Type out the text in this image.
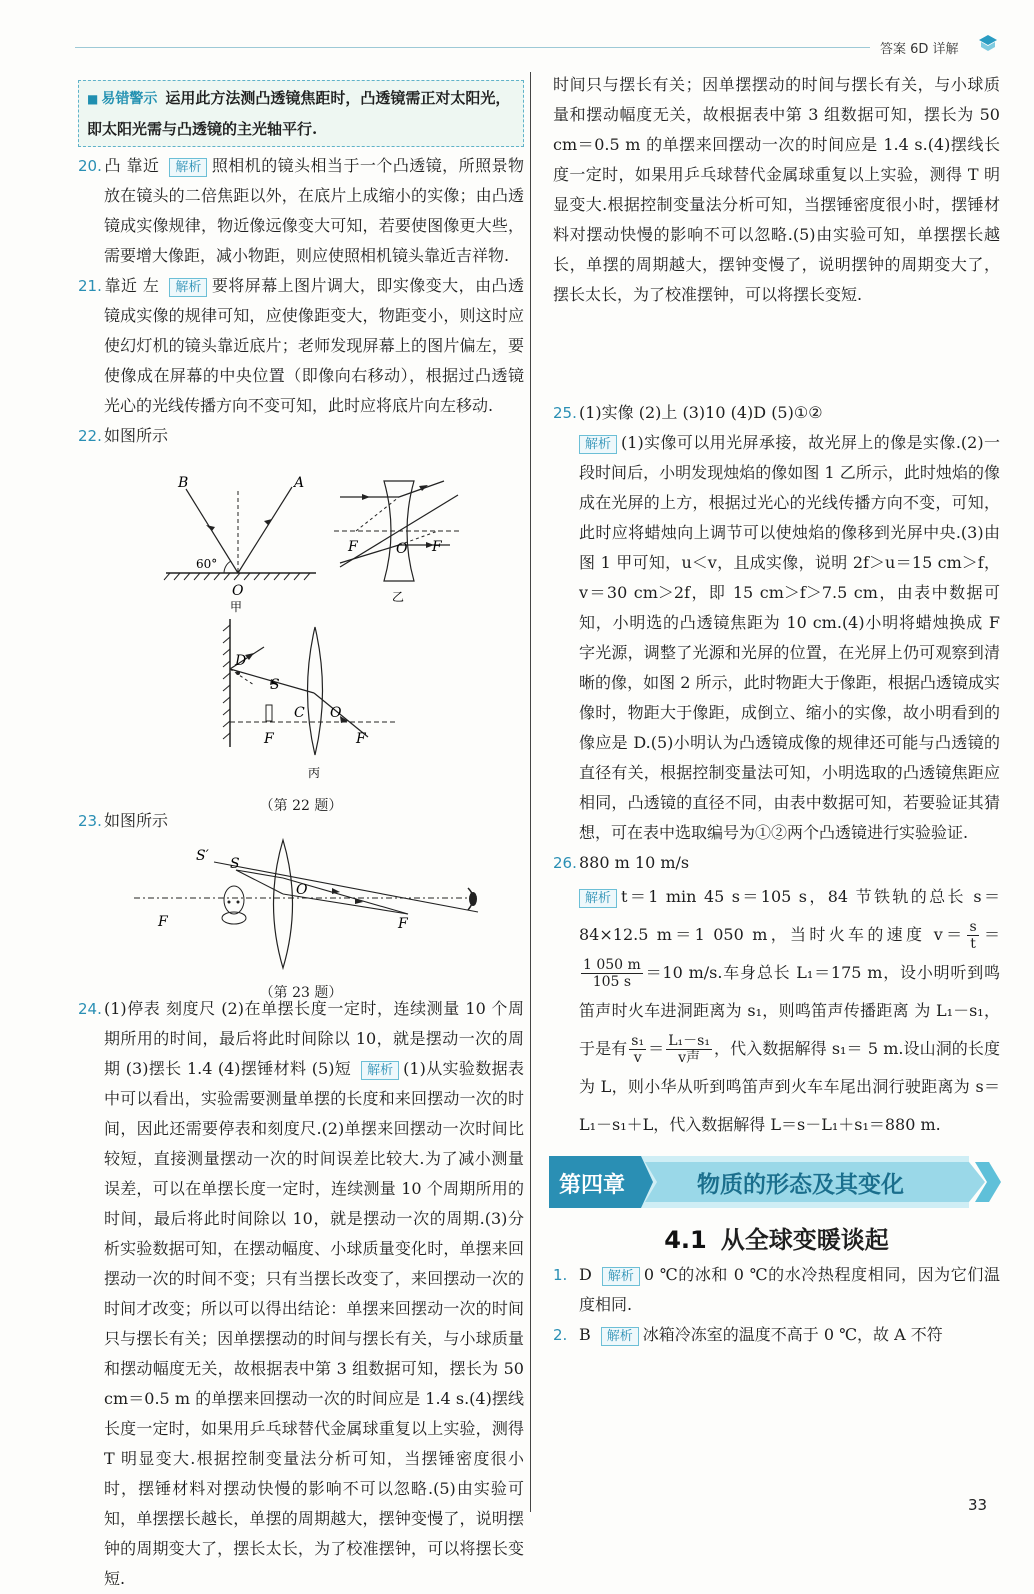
答案 6D 详解
■ 易错警示 运用此方法测凸透镜焦距时，凸透镜需正对太阳光，即太阳光需与凸透镜的主光轴平行.

20. 凸 靠近 解析 照相机的镜头相当于一个凸透镜，所照景物放在镜头的二倍焦距以外，在底片上成缩小的实像；由凸透镜成实像规律，物近像远像变大可知，若要使图像更大些，需要增大像距，减小物距，则应使照相机镜头靠近吉祥物.

21. 靠近 左 解析 要将屏幕上图片调大，即实像变大，由凸透镜成实像的规律可知，应使像距变大，物距变小，则这时应使幻灯机的镜头靠近底片；老师发现屏幕上的图片偏左，要使像成在屏幕的中央位置（即像向右移动），根据过凸透镜光心的光线传播方向不变可知，此时应将底片向左移动.

22. 如图所示

B	A
60°
O
甲
F	O F
乙
D
S
C O
F	F
丙
（第 22 题）

23. 如图所示

S′ S
O
F	F
（第 23 题）

24. (1)停表 刻度尺 (2)在单摆长度一定时，连续测量 10 个周期所用的时间，最后将此时间除以 10，就是摆动一次的周期 (3)摆长 1.4 (4)摆锤材料 (5)短 解析 (1)从实验数据表中可以看出，实验需要测量单摆的长度和来回摆动一次的时间，因此还需要停表和刻度尺.(2)单摆来回摆动一次时间比较短，直接测量摆动一次的时间误差比较大.为了减小测量误差，可以在单摆长度一定时，连续测量 10 个周期所用的时间，最后将此时间除以 10，就是摆动一次的周期.(3)分析实验数据可知，在摆动幅度、小球质量变化时，单摆来回摆动一次的时间不变；只有当摆长改变了，来回摆动一次的时间才改变；所以可以得出结论：单摆来回摆动一次的时间只与摆长有关；因单摆摆动的时间与摆长有关，与小球质量和摆动幅度无关，故根据表中第 3 组数据可知，摆长为 50 cm＝0.5 m 的单摆来回摆动一次的时间应是 1.4 s.(4)摆线长度一定时，如果用乒乓球替代金属球重复以上实验，测得 T 明显变大.根据控制变量法分析可知，当摆锤密度很小时，摆锤材料对摆动快慢的影响不可以忽略.(5)由实验可知，单摆摆长越长，单摆的周期越大，摆钟变慢了，说明摆钟的周期变大了，摆长太长，为了校准摆钟，可以将摆长变短.

25. (1)实像 (2)上 (3)10 (4)D (5)①②

解析 (1)实像可以用光屏承接，故光屏上的像是实像.(2)一段时间后，小明发现烛焰的像如图 1 乙所示，此时烛焰的像成在光屏的上方，根据过光心的光线传播方向不变，可知，此时应将蜡烛向上调节可以使烛焰的像移到光屏中央.(3)由图 1 甲可知，u＜v，且成实像，说明 2f＞u＝15 cm＞f，v＝30 cm＞2f，即 15 cm＞f＞7.5 cm，由表中数据可知，小明选的凸透镜焦距为 10 cm.(4)小明将蜡烛换成 F 字光源，调整了光源和光屏的位置，在光屏上仍可观察到清晰的像，如图 2 所示，此时物距大于像距，根据凸透镜成实像时，物距大于像距，成倒立、缩小的实像，故小明看到的像应是 D.(5)小明认为凸透镜成像的规律还可能与凸透镜的直径有关，根据控制变量法可知，小明选取的凸透镜焦距应相同，凸透镜的直径不同，由表中数据可知，若要验证其猜想，可在表中选取编号为①②两个凸透镜进行实验验证.

26. 880 m 10 m/s

解析 t＝1 min 45 s＝105 s，84 节铁轨的总长 s＝ 84×12.5 m＝1 050 m，当时火车的速度 $v= \frac{s}{t}$ ＝
$\frac{1 050 m}{105 s} =10$ m/s.车身总长 L₁＝175 m，设小明听到鸣笛声时火车进洞距离为 s₁，则鸣笛声传播距离 为 L₁－s₁，于是有 $\frac{\text{s₁}}{v} = \frac{\text{L₁－s₁}}{\text{v声}}$ ，代入数据解得 s₁＝ 5 m.设山洞的长度为 L，则小华从听到鸣笛声到火车车尾出洞行驶距离为 s＝L₁－s₁＋L，代入数据解得 L＝s－L₁＋s₁＝880 m.
第四章	物质的形态及其变化
4.1 从全球变暖谈起

1. D 解析 0 ℃的冰和 0 ℃的水冷热程度相同，因为它们温度相同.

2. B 解析 冰箱冷冻室的温度不高于 0 ℃，故 A 不符

时间只与摆长有关；因单摆摆动的时间与摆长有关，与小球质量和摆动幅度无关，故根据表中第 3 组数据可知，摆长为 50 cm＝0.5 m 的单摆来回摆动一次的时间应是 1.4 s.(4)摆线长度一定时，如果用乒乓球替代金属球重复以上实验，测得 T 明显变大.根据控制变量法分析可知，当摆锤密度很小时，摆锤材料对摆动快慢的影响不可以忽略.(5)由实验可知，单摆摆长越长，单摆的周期越大，摆钟变慢了，说明摆钟的周期变大了，摆长太长，为了校准摆钟，可以将摆长变短.

33
